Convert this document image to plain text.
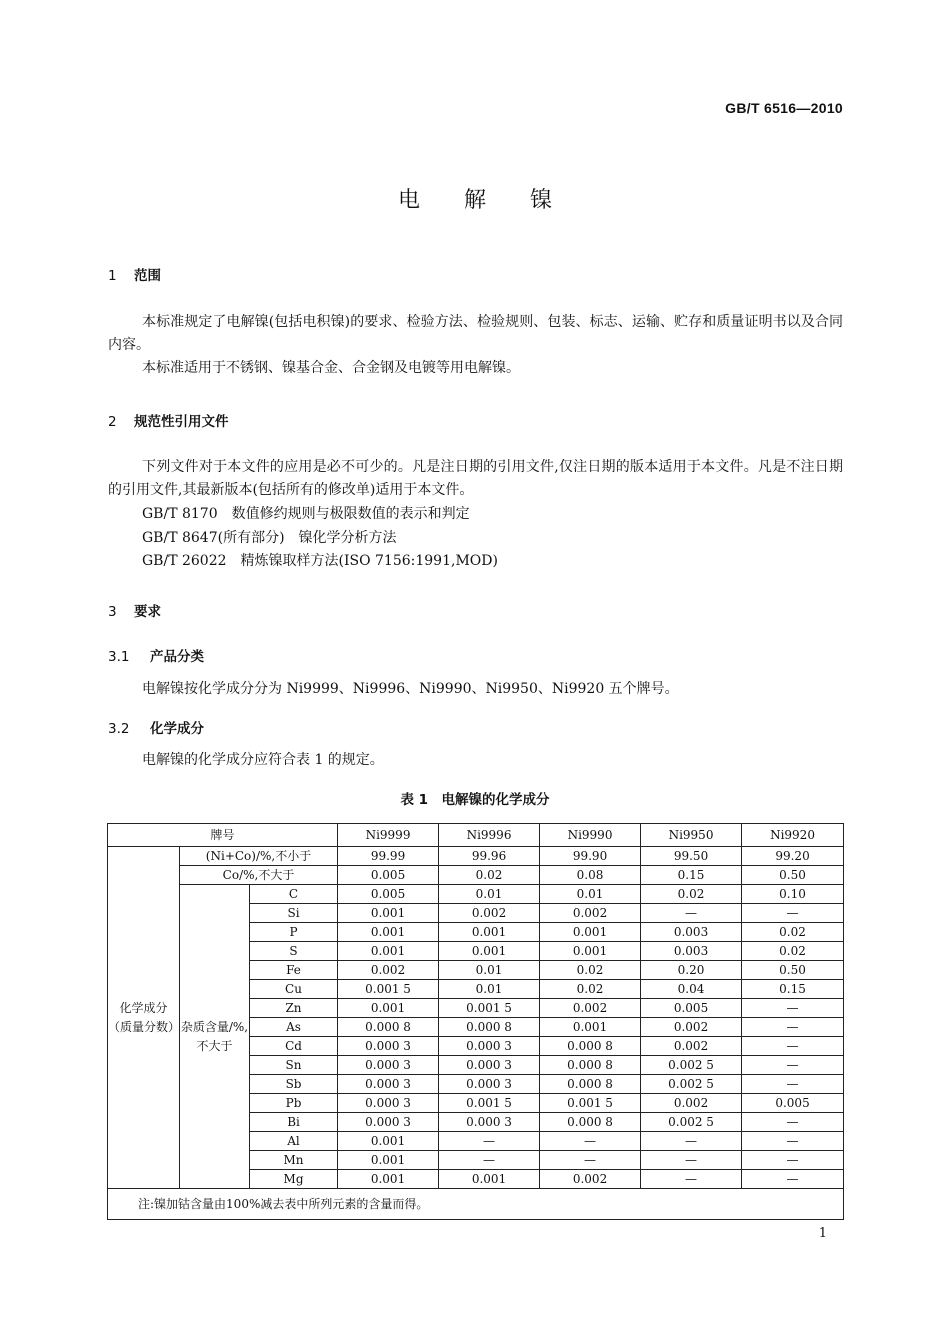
GB/T 6516—2010
电解镍
1 范围
本标准规定了电解镍(包括电积镍)的要求、检验方法、检验规则、包装、标志、运输、贮存和质量证明书以及合同内容。
本标准适用于不锈钢、镍基合金、合金钢及电镀等用电解镍。
2 规范性引用文件
下列文件对于本文件的应用是必不可少的。凡是注日期的引用文件,仅注日期的版本适用于本文件。凡是不注日期的引用文件,其最新版本(包括所有的修改单)适用于本文件。
GB/T 8170　数值修约规则与极限数值的表示和判定
GB/T 8647(所有部分)　镍化学分析方法
GB/T 26022　精炼镍取样方法(ISO 7156:1991,MOD)
3 要求
3.1 产品分类
电解镍按化学成分分为 Ni9999、Ni9996、Ni9990、Ni9950、Ni9920 五个牌号。
3.2 化学成分
电解镍的化学成分应符合表 1 的规定。
表 1　电解镍的化学成分
牌号			Ni9999	Ni9996	Ni9990	Ni9950	Ni9920
化学成分（质量分数）	(Ni+Co)/%,不小于		99.99	99.96	99.90	99.50	99.20
	Co/%,不大于		0.005	0.02	0.08	0.15	0.50
	杂质含量/%,不大于	C	0.005	0.01	0.01	0.02	0.10
		Si	0.001	0.002	0.002	—	—
		P	0.001	0.001	0.001	0.003	0.02
		S	0.001	0.001	0.001	0.003	0.02
		Fe	0.002	0.01	0.02	0.20	0.50
		Cu	0.001 5	0.01	0.02	0.04	0.15
		Zn	0.001	0.001 5	0.002	0.005	—
		As	0.000 8	0.000 8	0.001	0.002	—
		Cd	0.000 3	0.000 3	0.000 8	0.002	—
		Sn	0.000 3	0.000 3	0.000 8	0.002 5	—
		Sb	0.000 3	0.000 3	0.000 8	0.002 5	—
		Pb	0.000 3	0.001 5	0.001 5	0.002	0.005
		Bi	0.000 3	0.000 3	0.000 8	0.002 5	—
		Al	0.001	—	—	—	—
		Mn	0.001	—	—	—	—
		Mg	0.001	0.001	0.002	—	—
注:镍加钴含量由100%减去表中所列元素的含量而得。							
1
